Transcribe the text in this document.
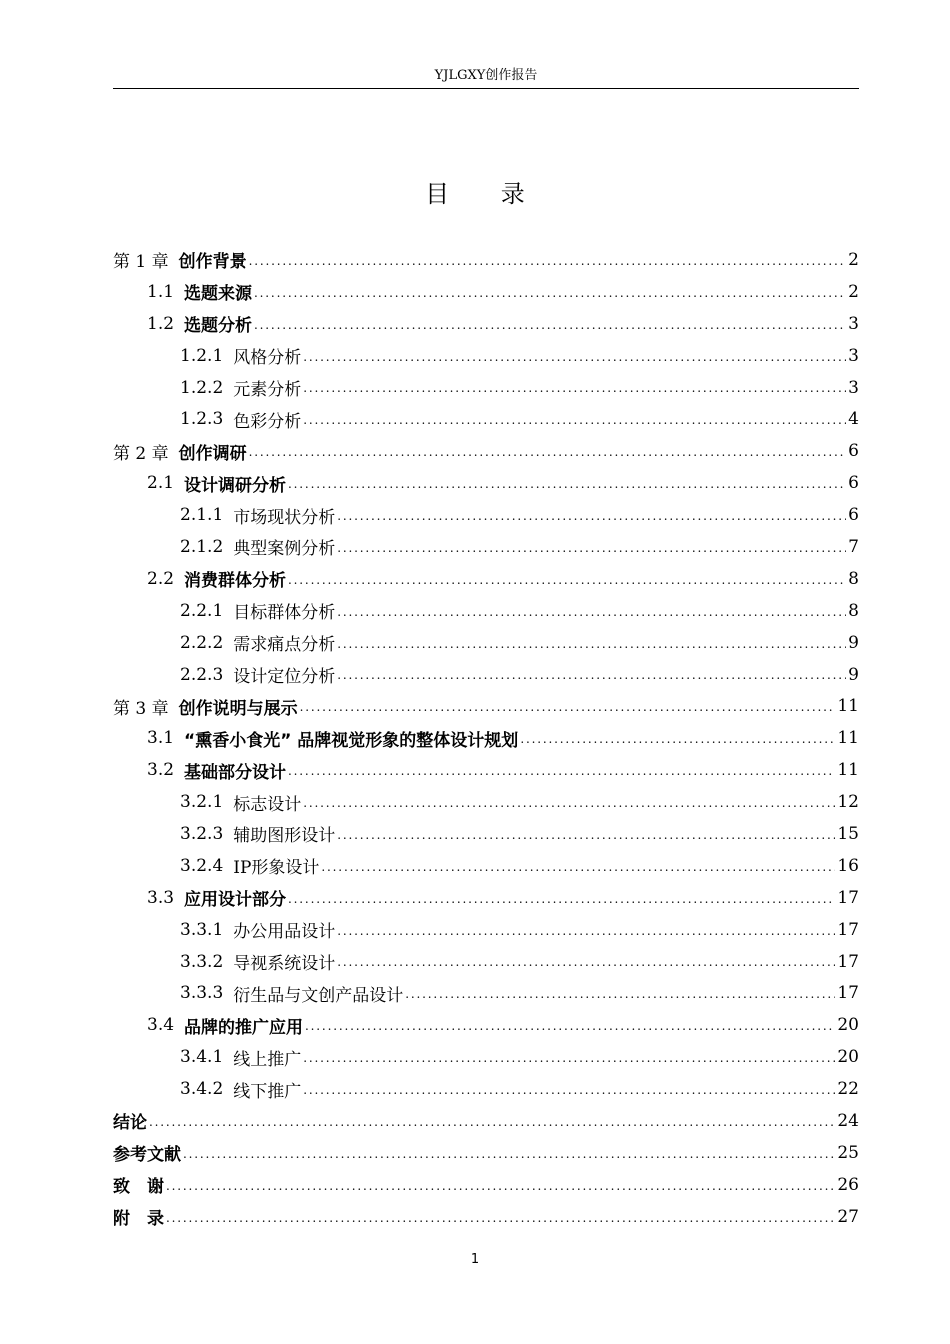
YJLGXY创作报告
目 录
第 1 章 创作背景 . . .	2
1.1 选题来源 . . .	2
1.2 选题分析 . . .	3
1.2.1 风格分析 . . .	3
1.2.2 元素分析 . . .	3
1.2.3 色彩分析 . . .	4
第 2 章 创作调研 . . .	6
2.1 设计调研分析 . . .	6
2.1.1 市场现状分析 . . .	6
2.1.2 典型案例分析 . . .	7
2.2 消费群体分析 . . .	8
2.2.1 目标群体分析 . . .	8
2.2.2 需求痛点分析 . . .	9
2.2.3 设计定位分析 . . .	9
第 3 章 创作说明与展示 . . .	11
3.1 “熏香小食光” 品牌视觉形象的整体设计规划 . . .	11
3.2 基础部分设计 . . .	11
3.2.1 标志设计 . . .	12
3.2.3 辅助图形设计 . . .	15
3.2.4 IP形象设计 . . .	16
3.3 应用设计部分 . . .	17
3.3.1 办公用品设计 . . .	17
3.3.2 导视系统设计 . . .	17
3.3.3 衍生品与文创产品设计 . . .	17
3.4 品牌的推广应用 . . .	20
3.4.1 线上推广 . . .	20
3.4.2 线下推广 . . .	22
结论 . . .	24
参考文献 . . .	25
致　谢 . . .	26
附　录 . . .	27
1
